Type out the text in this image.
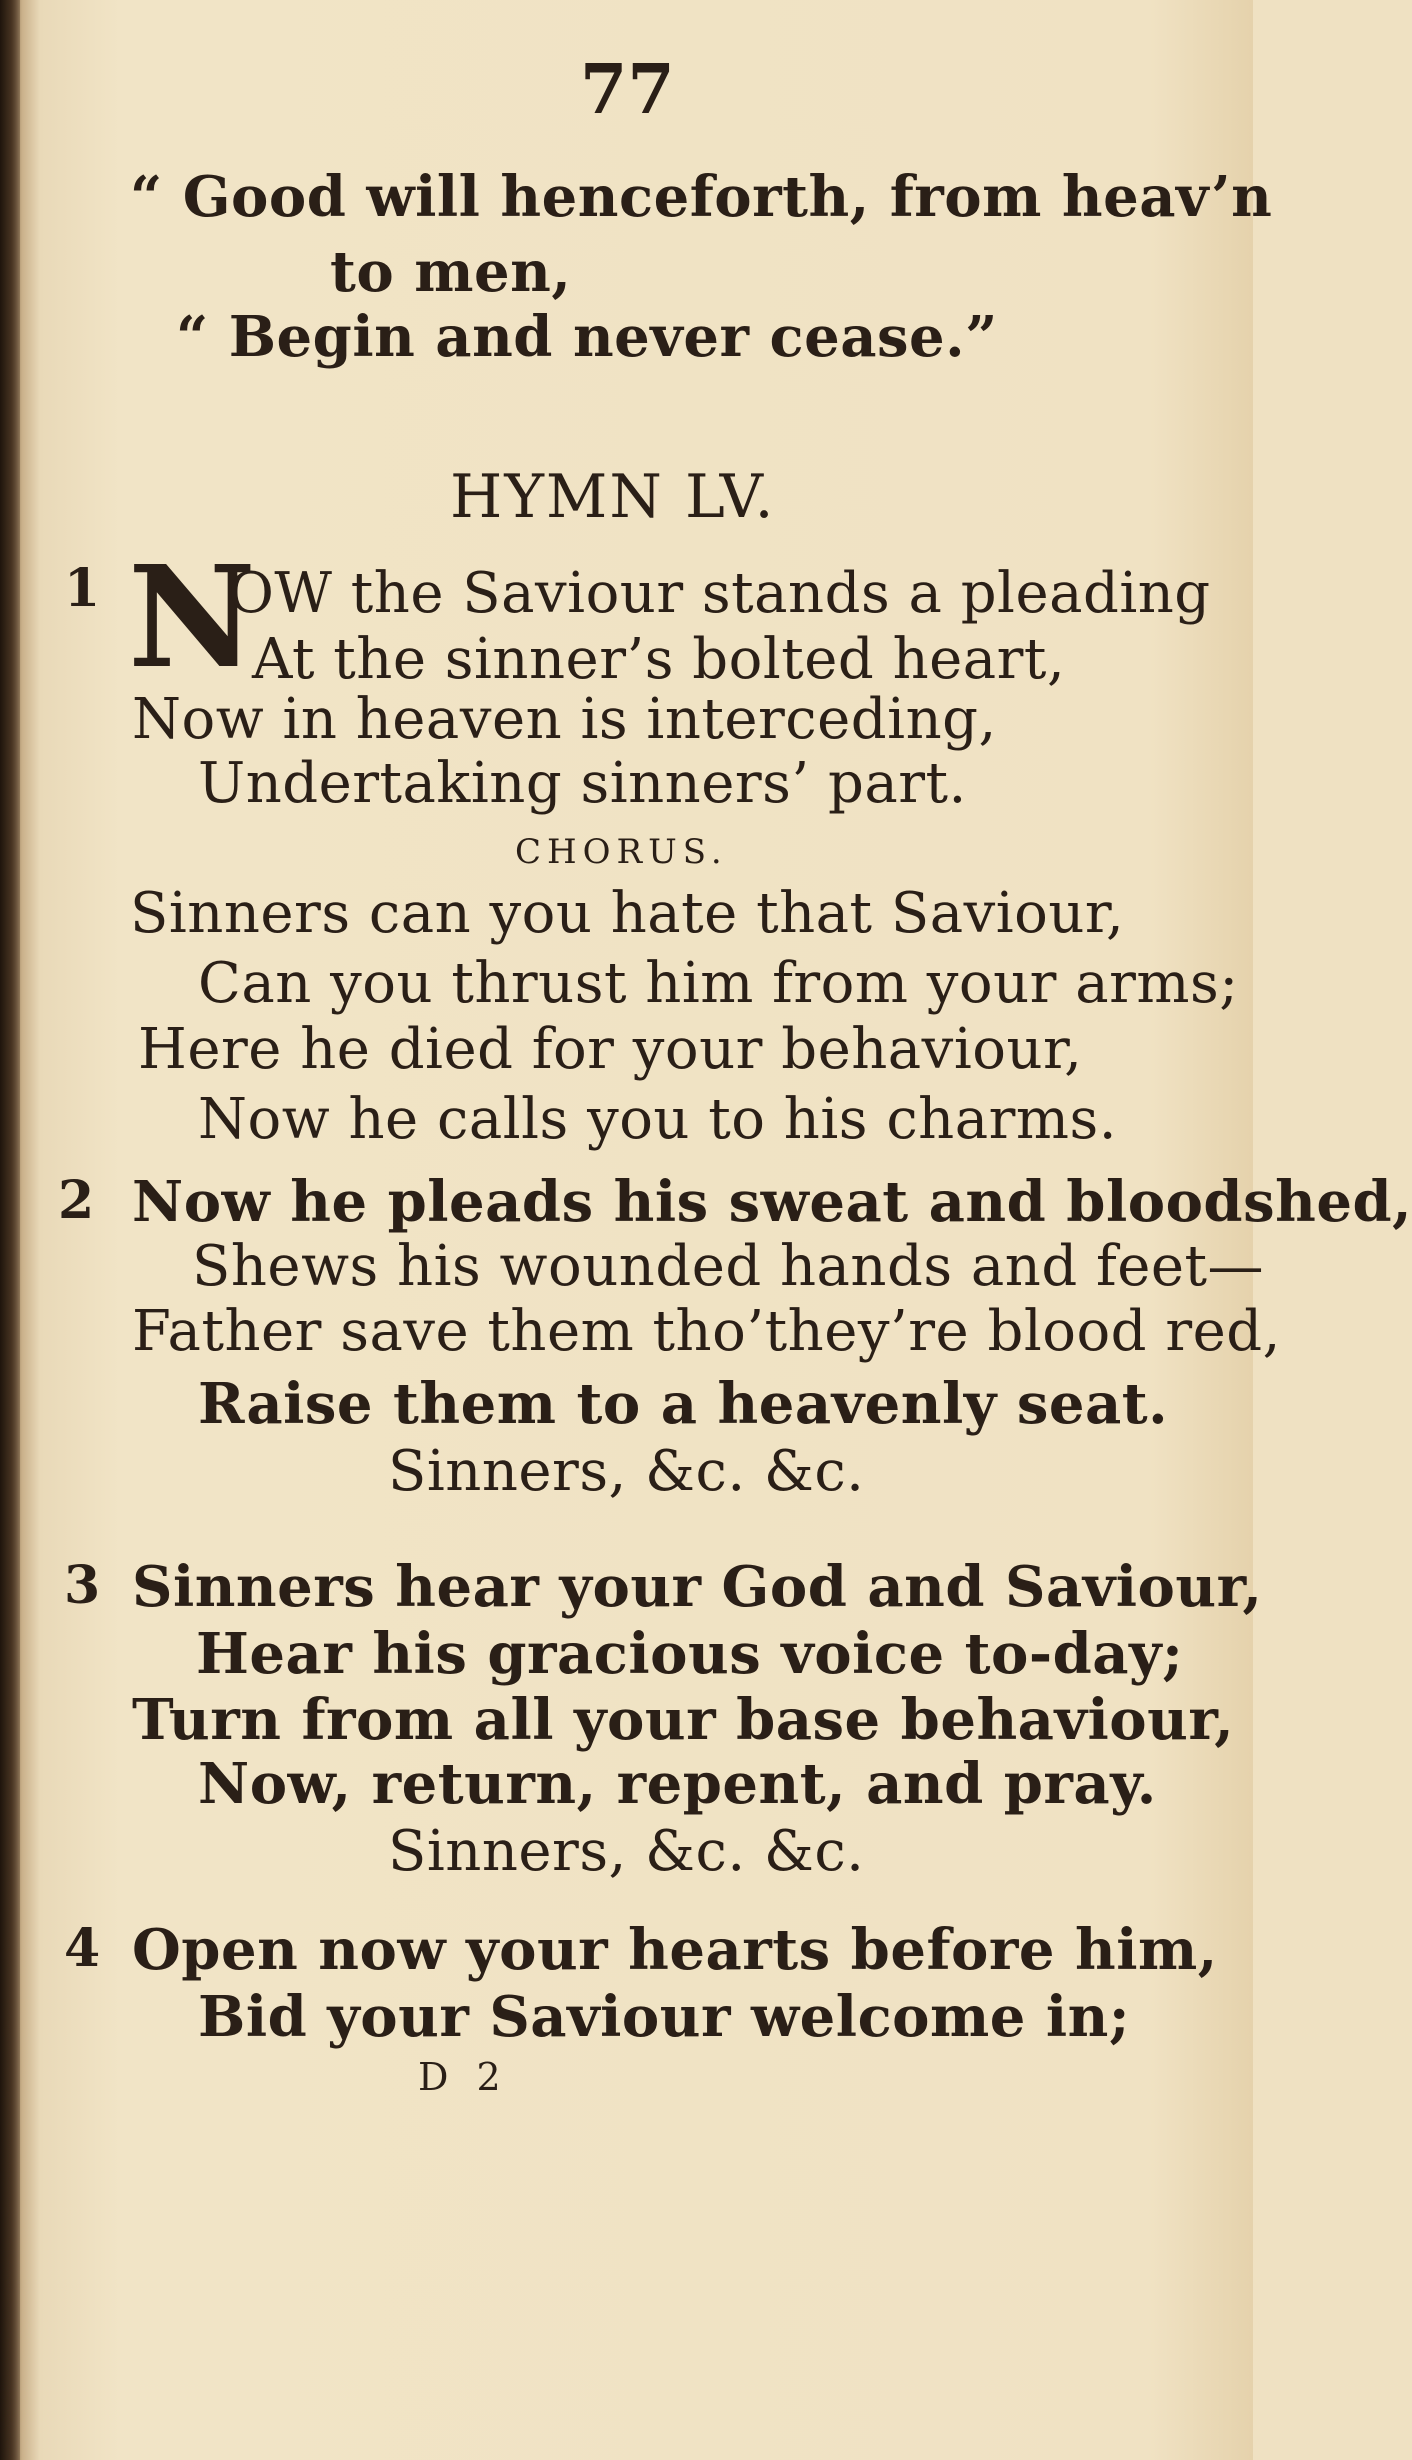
77
“ Good will henceforth, from heav’n
to men,
“ Begin and never cease.”
HYMN LV.
1 N
OW the Saviour stands a pleading
At the sinner’s bolted heart,
Now in heaven is interceding,
Undertaking sinners’ part.
CHORUS.
Sinners can you hate that Saviour,
Can you thrust him from your arms;
Here he died for your behaviour,
Now he calls you to his charms.
2 Now he pleads his sweat and bloodshed,
Shews his wounded hands and feet—
Father save them tho’they’re blood red,
Raise them to a heavenly seat.
Sinners, &c. &c.
3 Sinners hear your God and Saviour,
Hear his gracious voice to-day;
Turn from all your base behaviour,
Now, return, repent, and pray.
Sinners, &c. &c.
4 Open now your hearts before him,
Bid your Saviour welcome in;
D 2
